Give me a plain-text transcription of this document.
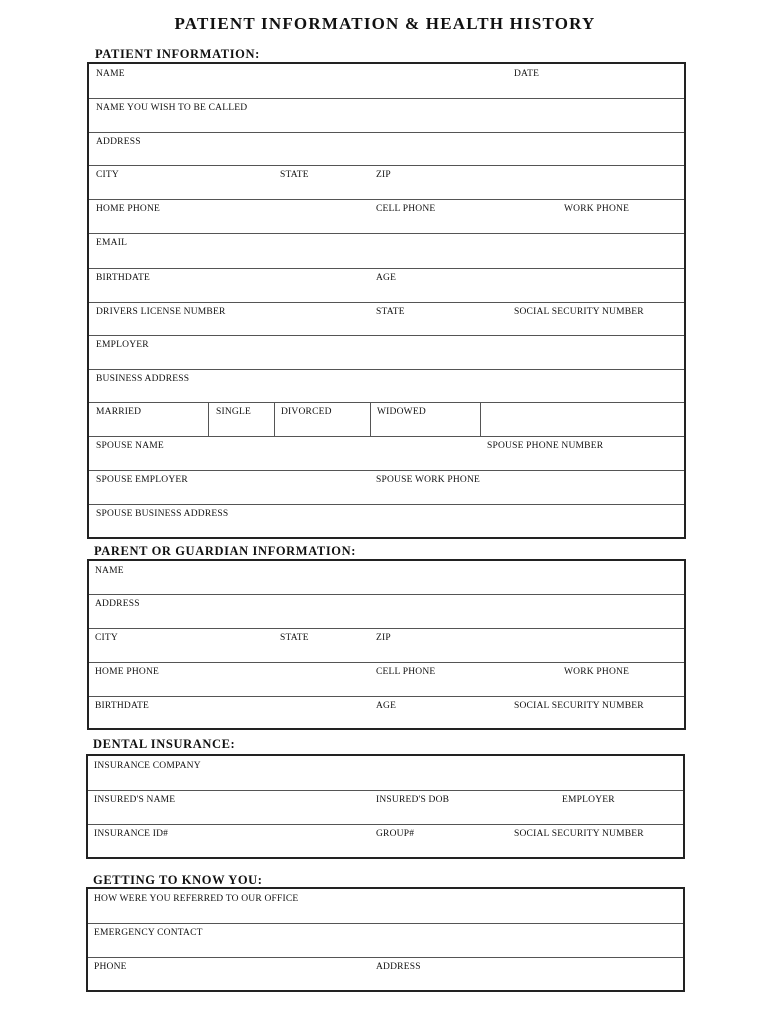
PATIENT INFORMATION & HEALTH HISTORY
PATIENT INFORMATION:
NAME	DATE
NAME YOU WISH TO BE CALLED
ADDRESS
CITY	STATE	ZIP
HOME PHONE	CELL PHONE	WORK PHONE
EMAIL
BIRTHDATE	AGE
DRIVERS LICENSE NUMBER	STATE	SOCIAL SECURITY NUMBER
EMPLOYER
BUSINESS ADDRESS
MARRIED	SINGLE	DIVORCED	WIDOWED
SPOUSE NAME	SPOUSE PHONE NUMBER
SPOUSE EMPLOYER	SPOUSE WORK PHONE
SPOUSE BUSINESS ADDRESS
PARENT OR GUARDIAN INFORMATION:
NAME
ADDRESS
CITY	STATE	ZIP
HOME PHONE	CELL PHONE	WORK PHONE
BIRTHDATE	AGE	SOCIAL SECURITY NUMBER
DENTAL INSURANCE:
INSURANCE COMPANY
INSURED'S NAME	INSURED'S DOB	EMPLOYER
INSURANCE ID#	GROUP#	SOCIAL SECURITY NUMBER
GETTING TO KNOW YOU:
HOW WERE YOU REFERRED TO OUR OFFICE
EMERGENCY CONTACT
PHONE	ADDRESS
